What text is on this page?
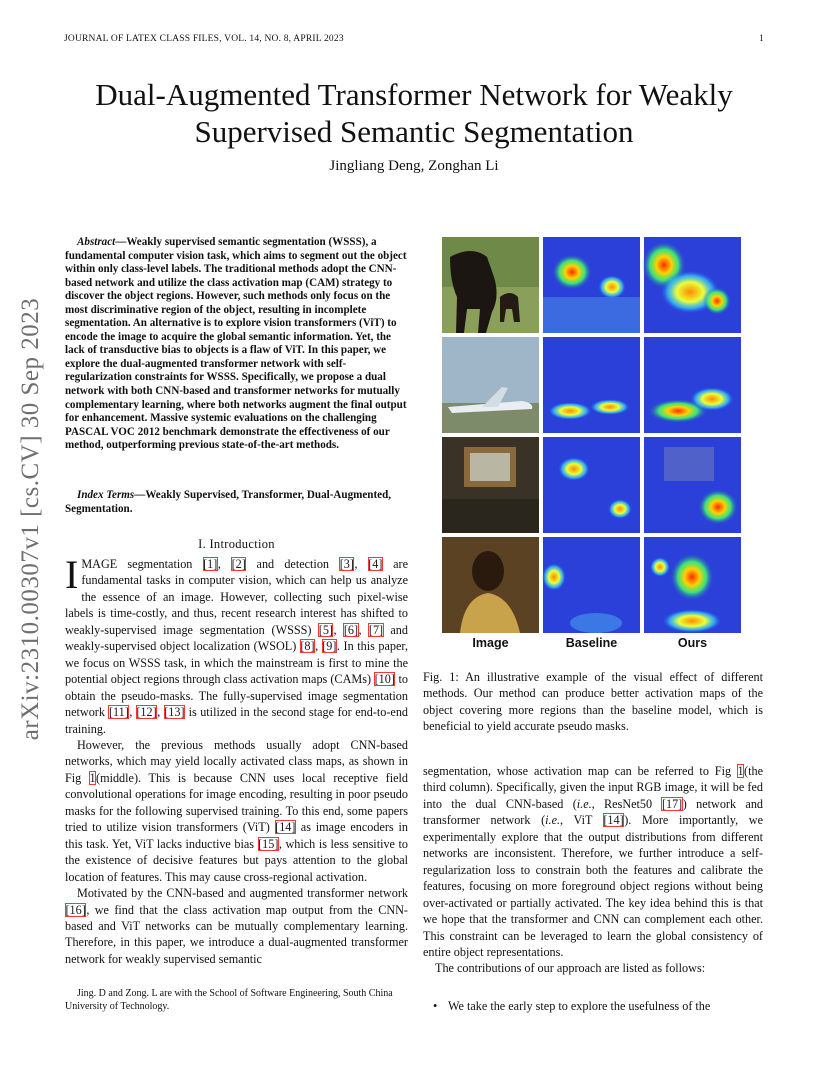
JOURNAL OF LATEX CLASS FILES, VOL. 14, NO. 8, APRIL 2023	1
Dual-Augmented Transformer Network for Weakly Supervised Semantic Segmentation
Jingliang Deng, Zonghan Li
arXiv:2310.00307v1 [cs.CV] 30 Sep 2023
Abstract—Weakly supervised semantic segmentation (WSSS), a fundamental computer vision task, which aims to segment out the object within only class-level labels. The traditional methods adopt the CNN-based network and utilize the class activation map (CAM) strategy to discover the object regions. However, such methods only focus on the most discriminative region of the object, resulting in incomplete segmentation. An alternative is to explore vision transformers (ViT) to encode the image to acquire the global semantic information. Yet, the lack of transductive bias to objects is a flaw of ViT. In this paper, we explore the dual-augmented transformer network with self-regularization constraints for WSSS. Specifically, we propose a dual network with both CNN-based and transformer networks for mutually complementary learning, where both networks augment the final output for enhancement. Massive systemic evaluations on the challenging PASCAL VOC 2012 benchmark demonstrate the effectiveness of our method, outperforming previous state-of-the-art methods.
Index Terms—Weakly Supervised, Transformer, Dual-Augmented, Segmentation.
I. Introduction

IMAGE segmentation [1], [2] and detection [3], [4] are fundamental tasks in computer vision, which can help us analyze the essence of an image. However, collecting such pixel-wise labels is time-costly, and thus, recent research interest has shifted to weakly-supervised image segmentation (WSSS) [5], [6], [7] and weakly-supervised object localization (WSOL) [8], [9]. In this paper, we focus on WSSS task, in which the mainstream is first to mine the potential object regions through class activation maps (CAMs) [10] to obtain the pseudo-masks. The fully-supervised image segmentation network [11], [12], [13] is utilized in the second stage for end-to-end training.

However, the previous methods usually adopt CNN-based networks, which may yield locally activated class maps, as shown in Fig 1(middle). This is because CNN uses local receptive field convolutional operations for image encoding, resulting in poor pseudo masks for the following supervised training. To this end, some papers tried to utilize vision transformers (ViT) [14] as image encoders in this task. Yet, ViT lacks inductive bias [15], which is less sensitive to the existence of decisive features but pays attention to the global location of features. This may cause cross-regional activation.

Motivated by the CNN-based and augmented transformer network [16], we find that the class activation map output from the CNN-based and ViT networks can be mutually complementary learning. Therefore, in this paper, we introduce a dual-augmented transformer network for weakly supervised semantic

Jing. D and Zong. L are with the School of Software Engineering, South China University of Technology.
Image	Baseline	Ours
Fig. 1: An illustrative example of the visual effect of different methods. Our method can produce better activation maps of the object covering more regions than the baseline model, which is beneficial to yield accurate pseudo masks.

segmentation, whose activation map can be referred to Fig 1(the third column). Specifically, given the input RGB image, it will be fed into the dual CNN-based (i.e., ResNet50 [17]) network and transformer network (i.e., ViT [14]). More importantly, we experimentally explore that the output distributions from different networks are inconsistent. Therefore, we further introduce a self-regularization loss to constrain both the features and calibrate the features, focusing on more foreground object regions without being over-activated or partially activated. The key idea behind this is that we hope that the transformer and CNN can complement each other. This constraint can be leveraged to learn the global consistency of entire object representations.

The contributions of our approach are listed as follows:

• We take the early step to explore the usefulness of the
